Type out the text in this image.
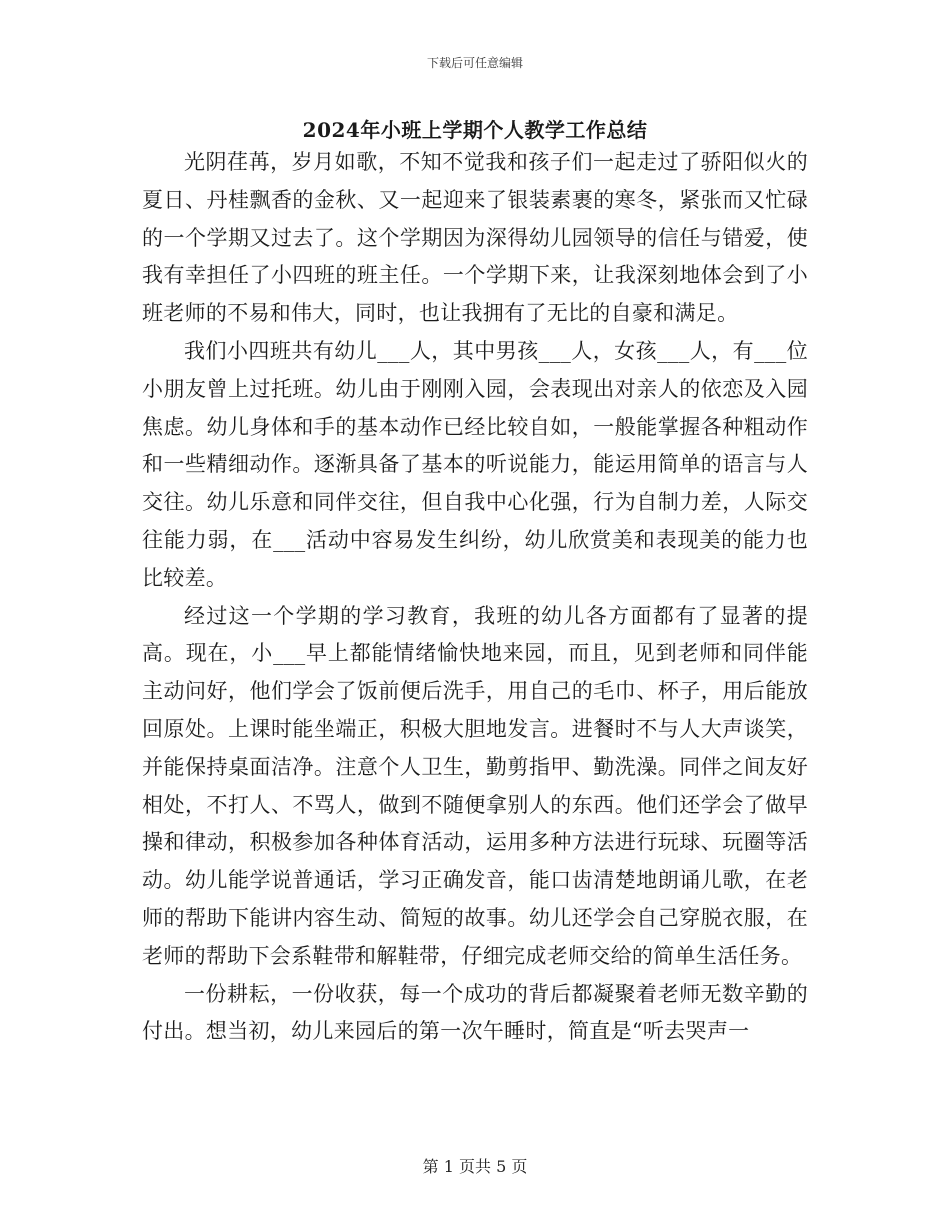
下载后可任意编辑
2024年小班上学期个人教学工作总结

光阴荏苒，岁月如歌，不知不觉我和孩子们一起走过了骄阳似火的夏日、丹桂飘香的金秋、又一起迎来了银装素裹的寒冬，紧张而又忙碌的一个学期又过去了。这个学期因为深得幼儿园领导的信任与错爱，使我有幸担任了小四班的班主任。一个学期下来，让我深刻地体会到了小班老师的不易和伟大，同时，也让我拥有了无比的自豪和满足。

我们小四班共有幼儿___人，其中男孩___人，女孩___人，有___位小朋友曾上过托班。幼儿由于刚刚入园，会表现出对亲人的依恋及入园焦虑。幼儿身体和手的基本动作已经比较自如，一般能掌握各种粗动作和一些精细动作。逐渐具备了基本的听说能力，能运用简单的语言与人交往。幼儿乐意和同伴交往，但自我中心化强，行为自制力差，人际交往能力弱，在___活动中容易发生纠纷，幼儿欣赏美和表现美的能力也比较差。

经过这一个学期的学习教育，我班的幼儿各方面都有了显著的提高。现在，小___早上都能情绪愉快地来园，而且，见到老师和同伴能主动问好，他们学会了饭前便后洗手，用自己的毛巾、杯子，用后能放回原处。上课时能坐端正，积极大胆地发言。进餐时不与人大声谈笑，并能保持桌面洁净。注意个人卫生，勤剪指甲、勤洗澡。同伴之间友好相处，不打人、不骂人，做到不随便拿别人的东西。他们还学会了做早操和律动，积极参加各种体育活动，运用多种方法进行玩球、玩圈等活动。幼儿能学说普通话，学习正确发音，能口齿清楚地朗诵儿歌，在老师的帮助下能讲内容生动、简短的故事。幼儿还学会自己穿脱衣服，在老师的帮助下会系鞋带和解鞋带，仔细完成老师交给的简单生活任务。

一份耕耘，一份收获，每一个成功的背后都凝聚着老师无数辛勤的付出。想当初，幼儿来园后的第一次午睡时，简直是“听去哭声一

第 1 页共 5 页
